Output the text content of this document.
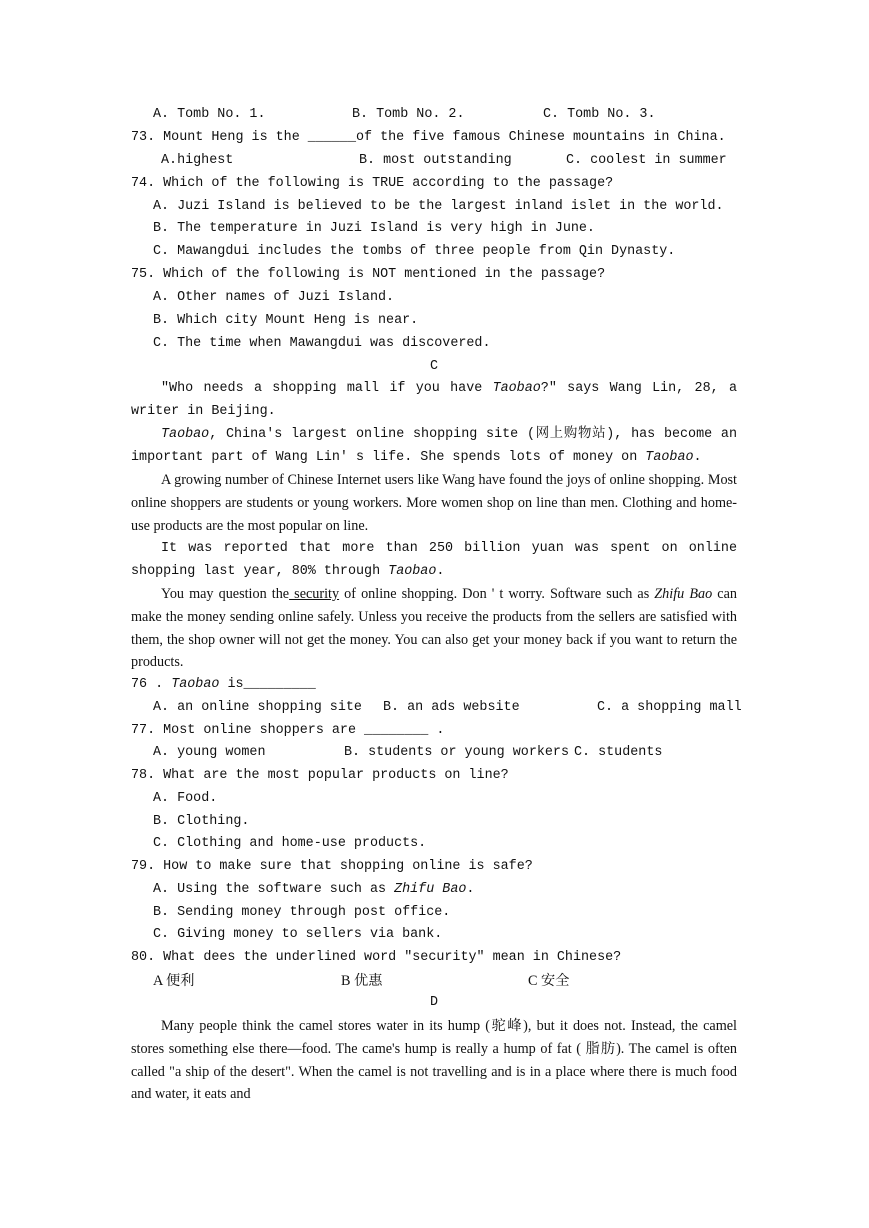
A. Tomb No. 1.	B. Tomb No. 2.	C. Tomb No. 3.
73. Mount Heng is the ______of the five famous Chinese mountains in China.
A.highest	B. most outstanding	C. coolest in summer
74. Which of the following is TRUE according to the passage?
A. Juzi Island is believed to be the largest inland islet in the world.
B. The temperature in Juzi Island is very high in June.
C. Mawangdui includes the tombs of three people from Qin Dynasty.
75. Which of the following is NOT mentioned in the passage?
A. Other names of Juzi Island.
B. Which city Mount Heng is near.
C. The time when Mawangdui was discovered.
C
"Who needs a shopping mall if you have Taobao?" says Wang Lin, 28, a writer in Beijing.
Taobao, China's largest online shopping site (网上购物站), has become an important part of Wang Lin' s life. She spends lots of money on Taobao.
A growing number of Chinese Internet users like Wang have found the joys of online shopping. Most online shoppers are students or young workers. More women shop on line than men. Clothing and home-use products are the most popular on line.
It was reported that more than 250 billion yuan was spent on online shopping last year, 80% through Taobao.
You may question the security of online shopping. Don ' t worry. Software such as Zhifu Bao can make the money sending online safely. Unless you receive the products from the sellers are satisfied with them, the shop owner will not get the money. You can also get your money back if you want to return the products.
76 . Taobao is_________
A. an online shopping site B. an ads website	C. a shopping mall
77. Most online shoppers are ________ .
A. young women	B. students or young workers C. students
78. What are the most popular products on line?
A. Food.
B. Clothing.
C. Clothing and home-use products.
79. How to make sure that shopping online is safe?
A. Using the software such as Zhifu Bao.
B. Sending money through post office.
C. Giving money to sellers via bank.
80. What dees the underlined word "security" mean in Chinese?
A 便利	B 优惠	C 安全
D
Many people think the camel stores water in its hump (驼峰), but it does not. Instead, the camel stores something else there—food. The came's hump is really a hump of fat ( 脂肪). The camel is often called "a ship of the desert". When the camel is not travelling and is in a place where there is much food and water, it eats and
